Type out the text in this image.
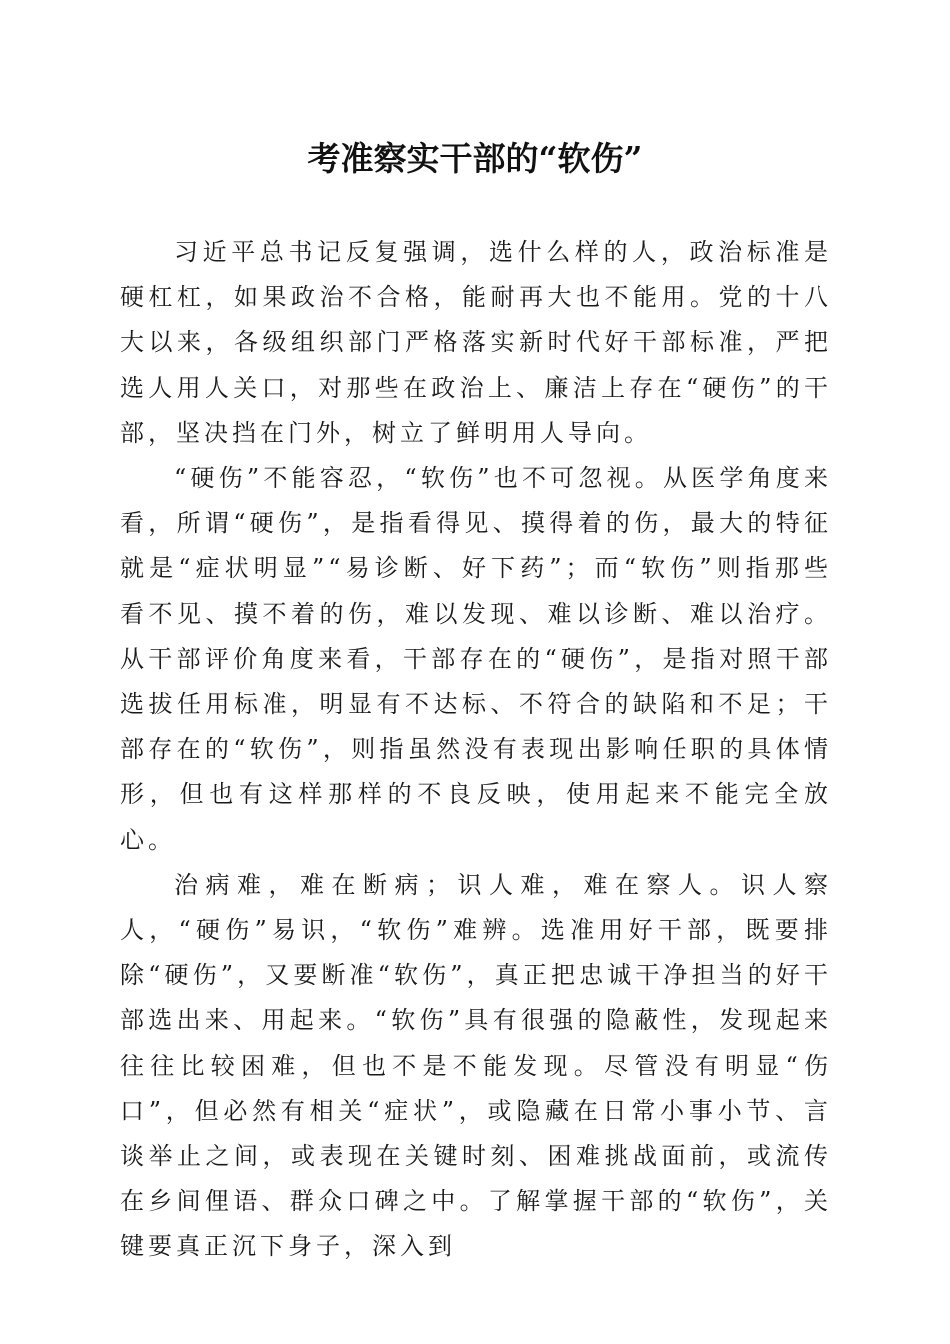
考准察实干部的“软伤”

习近平总书记反复强调，选什么样的人，政治标准是硬杠杠，如果政治不合格，能耐再大也不能用。党的十八大以来，各级组织部门严格落实新时代好干部标准，严把选人用人关口，对那些在政治上、廉洁上存在“硬伤”的干部，坚决挡在门外，树立了鲜明用人导向。

“硬伤”不能容忍，“软伤”也不可忽视。从医学角度来看，所谓“硬伤”，是指看得见、摸得着的伤，最大的特征就是“症状明显”“易诊断、好下药”；而“软伤”则指那些看不见、摸不着的伤，难以发现、难以诊断、难以治疗。从干部评价角度来看，干部存在的“硬伤”，是指对照干部选拔任用标准，明显有不达标、不符合的缺陷和不足；干部存在的“软伤”，则指虽然没有表现出影响任职的具体情形，但也有这样那样的不良反映，使用起来不能完全放心。

治病难，难在断病；识人难，难在察人。识人察人，“硬伤”易识，“软伤”难辨。选准用好干部，既要排除“硬伤”，又要断准“软伤”，真正把忠诚干净担当的好干部选出来、用起来。“软伤”具有很强的隐蔽性，发现起来往往比较困难，但也不是不能发现。尽管没有明显“伤口”，但必然有相关“症状”，或隐藏在日常小事小节、言谈举止之间，或表现在关键时刻、困难挑战面前，或流传在乡间俚语、群众口碑之中。了解掌握干部的“软伤”，关键要真正沉下身子，深入到
